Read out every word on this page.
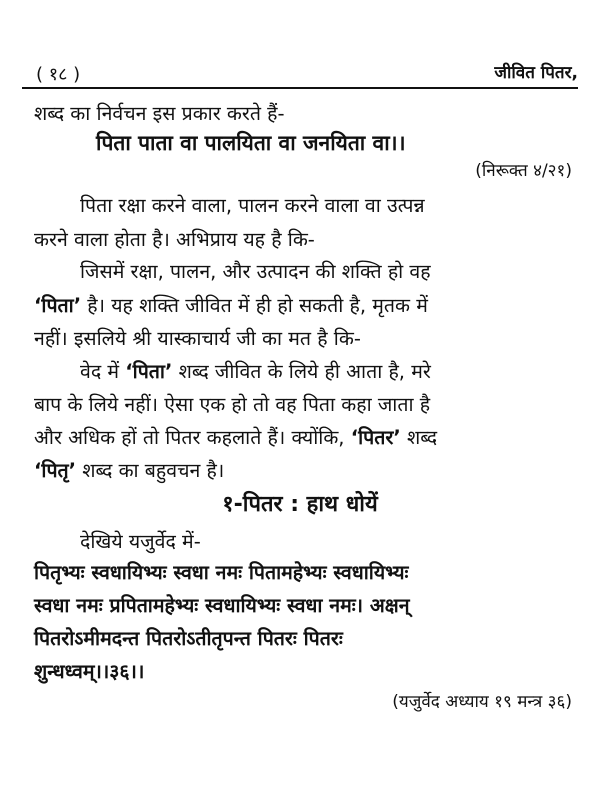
( १८ )	जीवित पितर,
शब्द का निर्वचन इस प्रकार करते हैं-
पिता पाता वा पालयिता वा जनयिता वा।।
(निरूक्त ४/२१)
पिता रक्षा करने वाला, पालन करने वाला वा उत्पन्न
करने वाला होता है। अभिप्राय यह है कि-
जिसमें रक्षा, पालन, और उत्पादन की शक्ति हो वह
‘पिता’ है। यह शक्ति जीवित में ही हो सकती है, मृतक में
नहीं। इसलिये श्री यास्काचार्य जी का मत है कि-
वेद में ‘पिता’ शब्द जीवित के लिये ही आता है, मरे
बाप के लिये नहीं। ऐसा एक हो तो वह पिता कहा जाता है
और अधिक हों तो पितर कहलाते हैं। क्योंकि, ‘पितर’ शब्द
‘पितृ’ शब्द का बहुवचन है।
१-पितर : हाथ धोयें
देखिये यजुर्वेद में-
पितृभ्यः स्वधायिभ्यः स्वधा नमः पितामहेभ्यः स्वधायिभ्यः
स्वधा नमः प्रपितामहेभ्यः स्वधायिभ्यः स्वधा नमः। अक्षन्
पितरोऽमीमदन्त पितरोऽतीतृपन्त पितरः पितरः
शुन्धध्वम्।।३६।।
(यजुर्वेद अध्याय १९ मन्त्र ३६)
